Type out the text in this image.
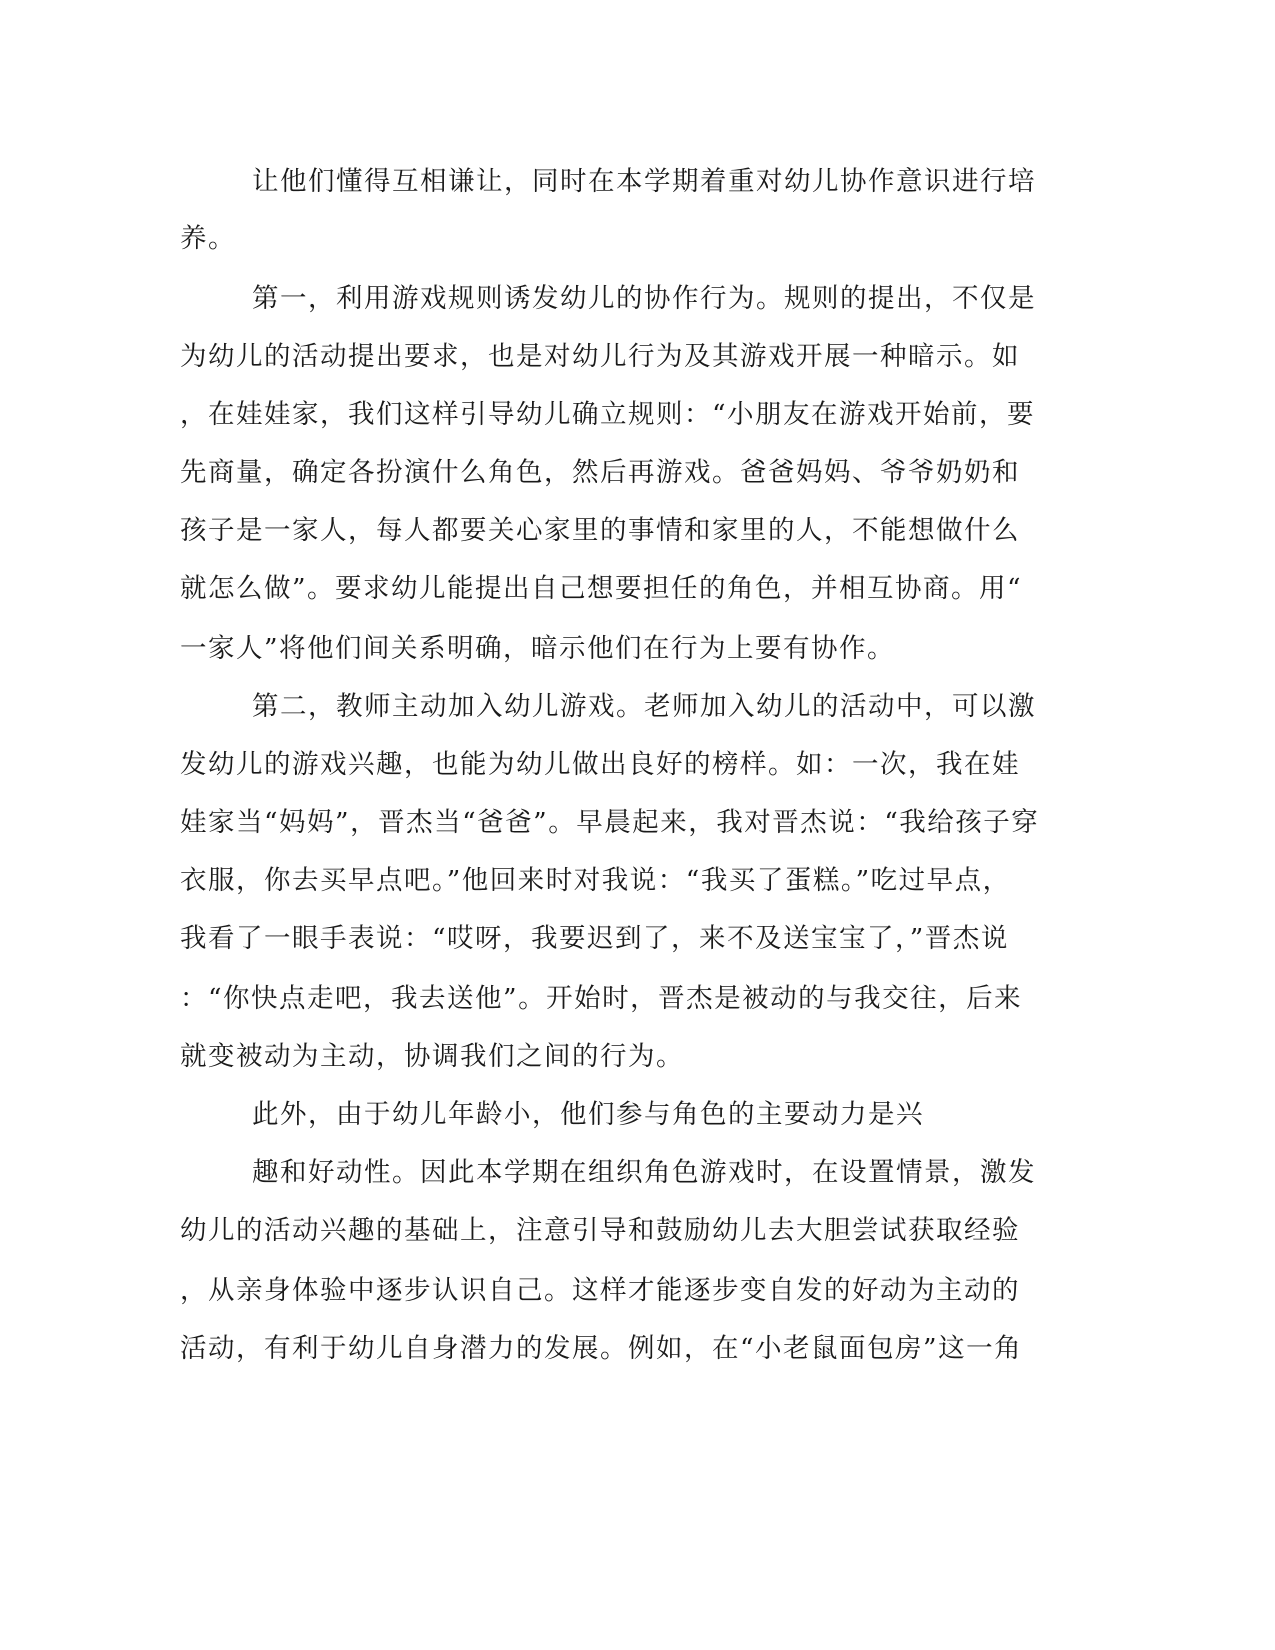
让他们懂得互相谦让，同时在本学期着重对幼儿协作意识进行培
养。
第一，利用游戏规则诱发幼儿的协作行为。规则的提出，不仅是
为幼儿的活动提出要求，也是对幼儿行为及其游戏开展一种暗示。如
，在娃娃家，我们这样引导幼儿确立规则：“小朋友在游戏开始前，要
先商量，确定各扮演什么角色，然后再游戏。爸爸妈妈、爷爷奶奶和
孩子是一家人，每人都要关心家里的事情和家里的人，不能想做什么
就怎么做”。要求幼儿能提出自己想要担任的角色，并相互协商。用“
一家人”将他们间关系明确，暗示他们在行为上要有协作。
第二，教师主动加入幼儿游戏。老师加入幼儿的活动中，可以激
发幼儿的游戏兴趣，也能为幼儿做出良好的榜样。如：一次，我在娃
娃家当“妈妈”，晋杰当“爸爸”。早晨起来，我对晋杰说：“我给孩子穿
衣服，你去买早点吧。”他回来时对我说：“我买了蛋糕。”吃过早点，
我看了一眼手表说：“哎呀，我要迟到了，来不及送宝宝了，”晋杰说
：“你快点走吧，我去送他”。开始时，晋杰是被动的与我交往，后来
就变被动为主动，协调我们之间的行为。
此外，由于幼儿年龄小，他们参与角色的主要动力是兴
趣和好动性。因此本学期在组织角色游戏时，在设置情景，激发
幼儿的活动兴趣的基础上，注意引导和鼓励幼儿去大胆尝试获取经验
，从亲身体验中逐步认识自己。这样才能逐步变自发的好动为主动的
活动，有利于幼儿自身潜力的发展。例如，在“小老鼠面包房”这一角
